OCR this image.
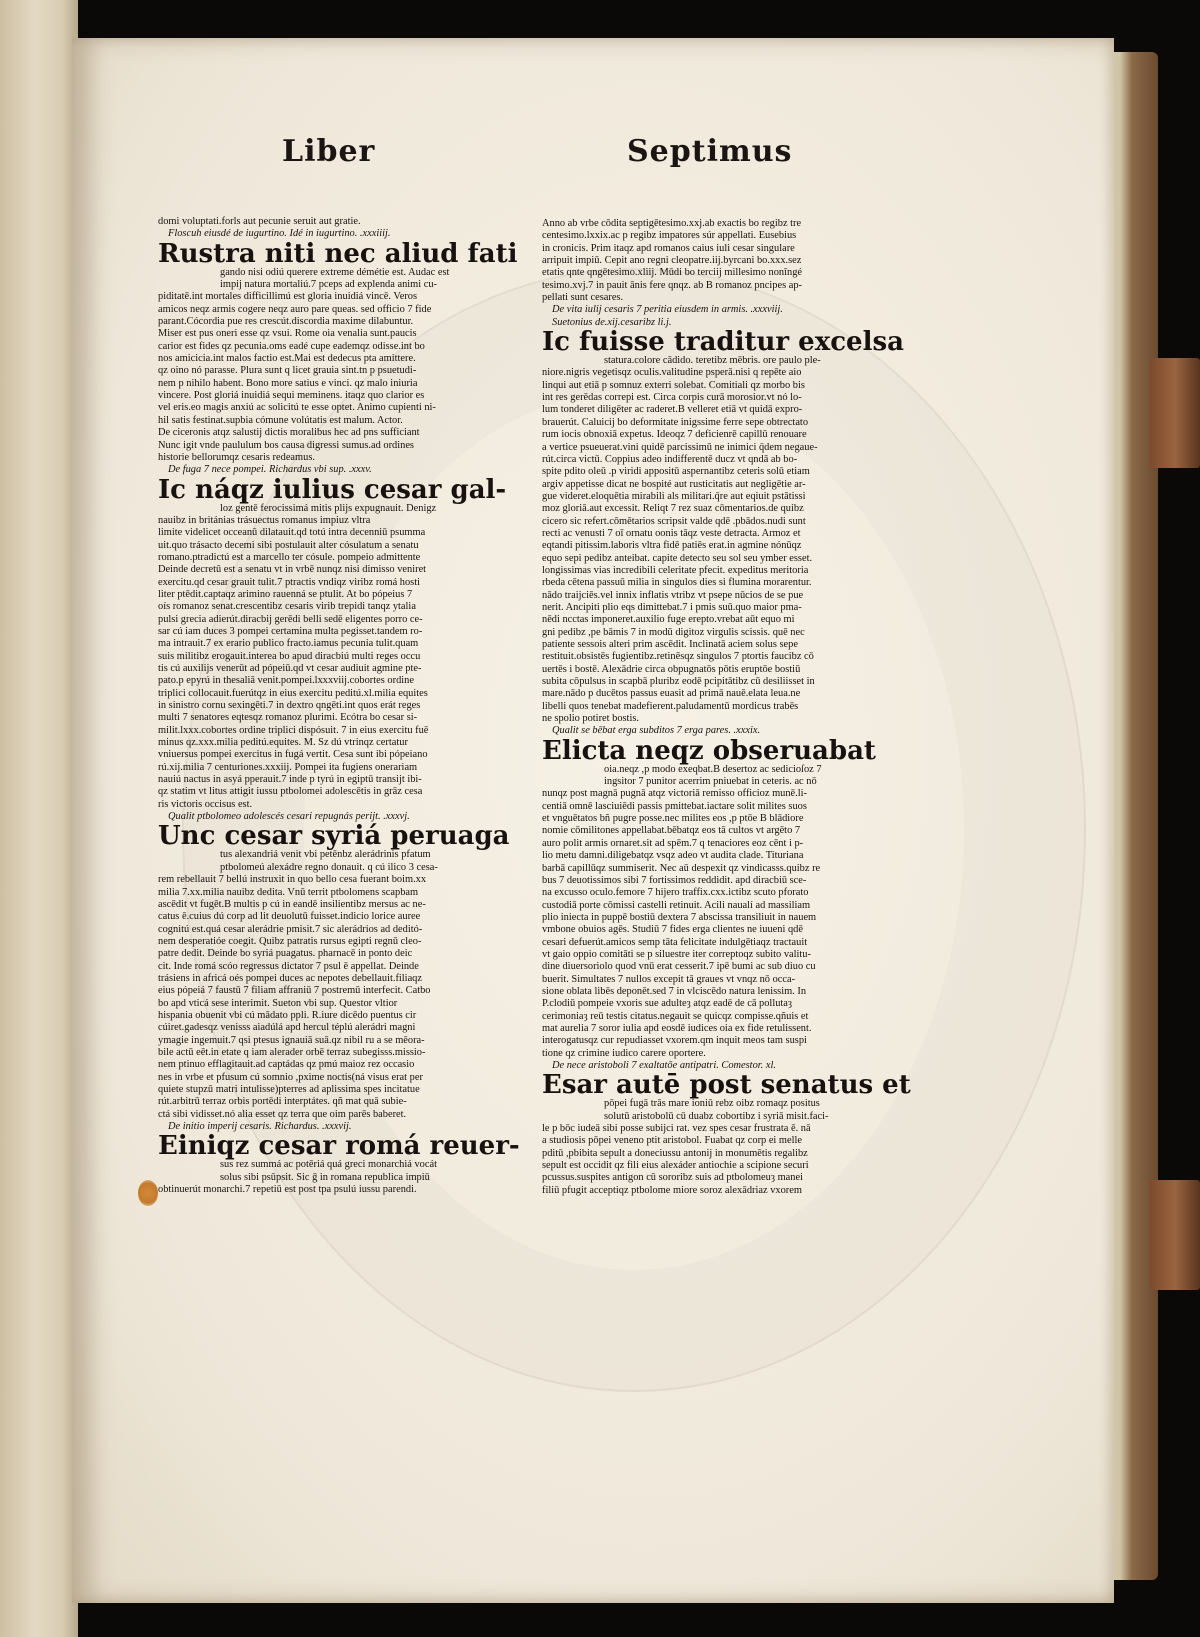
Liber	Septimus
domi voluptati.forls aut pecunie seruit aut gratie.
Floscuh eiusdé de iugurtino. Idé in iugurtino. .xxxiiij.
Rustra niti nec aliud fati
gando nisi odiú querere extreme démétie est. Audac est
impij natura mortaliú.7 pceps ad explenda animi cu-
piditatē.int mortales difficillimú est gloria inuidiá vincē. Veros
amicos neqz armis cogere neqz auro pare queas. sed officio 7 fide
parant.Cócordia pue res crescút.discordia maxime dilabuntur.
Miser est pus oneri esse qz vsui. Rome oia venalia sunt.paucis
carior est fides qz pecunia.oms eadé cupe eademqz odisse.int bo
nos amicicia.int malos factio est.Mai est dedecus pta amittere.
qz oino nó parasse. Plura sunt q licet grauia sint.tn p psuetudi-
nem p nihilo habent. Bono more satius e vinci. qz malo iniuria
vincere. Post gloriá inuidiá sequi meminens. itaqz quo clarior es
vel eris.eo magis anxiú ac solicitú te esse optet. Animo cupienti ni-
hil satis festinat.supbia cómune volútatis est malum. Actor.
De ciceronis atqz salustij dictis moralibus hec ad pns sufficiant
Nunc igit vnde paululum bos causa digressi sumus.ad ordines
historie bellorumqz cesaris redeamus.
De fuga 7 nece pompei. Richardus vbi sup. .xxxv.
Ic náqz iulius cesar gal-
loz gentē ferocissimá mitis plijs expugnauit. Denigz
nauibz in británias trásuectus romanus impiuz vltra
limite videlicet occeanū dilatauit.qd totú intra decenniū psumma
uit.quo trásacto decemi sibi postulauit alter cósulatum a senatu
romano.ptradictú est a marcello ter cósule. pompeio admittente
Deinde decretū est a senatu vt in vrbē nunqz nisi dimisso veniret
exercitu.qd cesar grauit tulit.7 ptractis vndiqz viribz romá hosti
liter ptēdit.captaqz arimino rauenná se ptulit. At bo pópeius 7
oís romanoz senat.crescentibz cesaris virib trepidi tanqz ytalia
pulsi grecia adierút.diracbij gerēdi belli sedē eligentes porro ce-
sar cú iam duces 3 pompei certamina multa pegisset.tandem ro-
ma intrauit.7 ex erario publico fracto.iamus pecunia tulit.quam
suis militibz erogauit.interea bo apud diracbiú multi reges occu
tis cú auxilijs venerūt ad pópeiū.qd vt cesar audiuit agmine pte-
pato.p epyrú in thesaliā venit.pompei.lxxxviij.cobortes ordine
triplici collocauit.fuerútqz in eius exercitu peditú.xl.milia equites
in sinistro cornu sexingēti.7 in dextro qngēti.int quos erát reges
multi 7 senatores eqtesqz romanoz plurimi. Ecótra bo cesar si-
milit.lxxx.cobortes ordine triplici dispósuit. 7 in eius exercitu fuē
minus qz.xxx.milia peditú.equites. M. Sz dú vtrinqz certatur
vniuersus pompei exercitus in fugá vertit. Cesa sunt ibi pópeiano
rú.xij.milia 7 centuriones.xxxiij. Pompei ita fugiens onerariam
nauiú nactus in asyá pperauit.7 inde p tyrú in egiptū transijt ibi-
qz statim vt litus attigit iussu ptbolomei adolescētis in grāz cesa
ris victoris occisus est.
Qualit ptbolomeo adolescés cesari repugnás perijt. .xxxvj.
Unc cesar syriá peruaga
tus alexandriá venit vbi petēnbz alerádrinis pfatum
ptbolomeú alexádre regno donauit. q cú ilico 3 cesa-
rem rebellauit 7 bellú instruxit in quo bello cesa fuerant boim.xx
milia 7.xx.milia nauibz dedita. Vnū territ ptbolomens scapbam
ascēdit vt fugēt.B multis p cú in eandē insilientibz mersus ac ne-
catus ē.cuius dú corp ad lit deuolutū fuisset.indicio lorice auree
cognitú est.quá cesar alerádrie pmisit.7 sic alerádrios ad deditó-
nem desperatióe coegit. Quibz patratis rursus egipti regnū cleo-
patre dedit. Deinde bo syriá puagatus. pharnacē in ponto deic
cit. Inde romá scóo regressus dictator 7 psul ē appellat. Deinde
trásiens in africá oés pompei duces ac nepotes debellauit.filiaqz
eius pópeiá 7 faustū 7 filiam affraniū 7 postremū interfecit. Catbo
bo apd vticá sese interimit. Sueton vbi sup. Questor vltior
hispania obuenit vbi cú mādato ppli. R.iure dicēdo puentus cir
cúiret.gadesqz venisss aiadúlá apd hercul téplú alerádri magni
ymagie ingemuit.7 qsi ptesus ignauiā suā.qz nibil ru a se mēora-
bile actū eēt.in etate q iam alerader orbē terraz subegisss.missio-
nem ptinuo efflagitauit.ad captádas qz pmú maioz rez occasio
nes in vrbe et pfusum cú somnio ,pxime noctis(ná visus erat per
quiete stupzū matri intulisse)pterres ad aplissima spes incitatue
rút.arbitrū terraz orbis portēdi interptátes. qñ mat quā subie-
ctá sibi vidisset.nó alia esset qz terra que oim parēs baberet.
De initio imperij cesaris. Richardus. .xxxvij.
Einiqz cesar romá reuer-
sus rez summá ac potēriá quá greci monarchiá vocát
solus sibi psūpsit. Sic ḡ in romana republica impiū
obtinuerút monarchi.7 repetiū est post tpa psulú iussu parendi.
Anno ab vrbe cōdita septigētesimo.xxj.ab exactis bo regibz tre
centesimo.lxxix.ac p regibz impatores súr appellati. Eusebius
in cronicis. Prim itaqz apd romanos caius iuli cesar singulare
arripuit impiū. Cepit ano regni cleopatre.iij.byrcani bo.xxx.sez
etatis qnte qngētesimo.xliij. Mūdi bo terciij millesimo nonīngé
tesimo.xvj.7 in pauit ānis fere qnqz. ab B romanoz pncipes ap-
pellati sunt cesares.
De vita iulij cesaris 7 peritia eiusdem in armis. .xxxviij.
Suetonius de.xij.cesaribz li.j.
Ic fuisse traditur excelsa
statura.colore cādido. teretibz mēbris. ore paulo ple-
niore.nigris vegetisqz oculis.valitudine psperā.nisi q repēte aio
linqui aut etiā p somnuz exterri solebat. Comitiali qz morbo bis
int res gerēdas correpi est. Circa corpis curā morosior.vt nó lo-
lum tonderet diligēter ac raderet.B velleret etiā vt quidā expro-
brauerút. Caluicij bo deformitate inigssime ferre sepe obtrectato
rum iocis obnoxiā expetus. Ideoqz 7 deficienrē capillū renouare
a vertice psueuerat.vini quidē parcissimū ne inimici q̄dem negaue-
rút.circa victū. Coppius adeo indifferentē ducz vt qndā ab bo-
spite pdito oleū .p viridi appositū aspernantibz ceteris solū etiam
argiv appetisse dicat ne bospité aut rusticitatis aut negligētie ar-
gue videret.eloquētia mirabili als militari.q̄re aut eqiuit pstātissi
moz gloriā.aut excessit. Reliqt 7 rez suaz cōmentarios.de quibz
cicero sic refert.cōmētarios scripsit valde qdē .pbādos.nudi sunt
recti ac venusti 7 oī ornatu oonis tāqz veste detracta. Armoz et
eqtandi pitissim.laboris vltra fidē patiēs erat.in agmine nónūqz
equo sepi pedibz anteibat. capite detecto seu sol seu ymber esset.
longissimas vias incredibili celeritate pfecit. expeditus meritoria
rbeda cētena passuū milia in singulos dies si flumina morarentur.
nādo traijciēs.vel innix inflatis vtribz vt psepe nūcios de se pue
nerit. Ancipiti plio eqs dimittebat.7 i pmis suū.quo maior pma-
nēdi ncctas imponeret.auxilio fuge erepto.vrebat aūt equo mi
gni pedibz ,pe bāmis 7 in modū digitoz virgulis scissis. quē nec
patiente sessois alteri prim ascēdit. Inclinatā aciem solus sepe
restituit.obsistēs fugientibz.retinēsqz singulos 7 ptortis faucibz cō
uertēs i bostē. Alexādrie circa obpugnatōs pōtis eruptōe bostiū
subita cōpulsus in scapbā pluribz eodē pcipitātibz cū desiliisset in
mare.nādo p ducētos passus euasit ad primā nauē.elata leua.ne
libelli quos tenebat madefierent.paludamentū mordicus trabēs
ne spolio potiret bostis.
Qualit se bēbat erga subditos 7 erga pares. .xxxix.
Elicta neqz obseruabat
oia.neqz ,p modo exeqbat.B desertoz ac sedicioſoz 7
ingsitor 7 punitor acerrim pniuebat in ceteris. ac nō
nunqz post magnā pugnā atqz victoriā remisso officioz munē.li-
centiā omnē lasciuiēdi passis pmittebat.iactare solit milites suos
et vnguētatos bñ pugre posse.nec milites eos ,p ptōe B blādiore
nomie cōmilitones appellabat.bēbatqz eos tā cultos vt argēto 7
auro polit armis ornaret.sit ad spēm.7 q tenaciores eoz cēnt i p-
lio metu damni.diligebatqz vsqz adeo vt audita clade. Tituriana
barbā capillūqz summiserit. Nec aū despexit qz vindicasss.quibz re
bus 7 deuotissimos sibi 7 fortissimos reddidit. apd diracbiū sce-
na excusso oculo.femore 7 hijero traffix.cxx.ictibz scuto pforato
custodiā porte cōmissi castelli retinuit. Acili naualí ad massiliam
plio iniecta in puppē bostiū dextera 7 abscissa transiliuit in nauem
vmbone obuios agēs. Studiū 7 fides erga clientes ne iuueni qdē
cesari defuerút.amicos semp tāta felicitate indulgētiaqz tractauit
vt gaio oppio comitāti se p siluestre iter correptoqz subito valitu-
dine diuersoriolo quod vnū erat cesserit.7 ipē bumi ac sub diuo cu
buerit. Simultates 7 nullos excepit tā graues vt vnqz nō occa-
sione oblata libēs deponēt.sed 7 in vlciscēdo natura lenissim. In
P.clodiū pompeie vxoris sue adulteȝ atqz eadē de cā pollutaȝ
cerimoniaȝ reū testis citatus.negauit se quicqz compisse.qñuis et
mat aurelia 7 soror iulia apd eosdē iudices oia ex fide retulissent.
interogatusqz cur repudiasset vxorem.qm inquit meos tam suspi
tione qz crimine iudico carere oportere.
De nece aristoboli 7 exaltatōe antipatri. Comestor. xl.
Esar autē post senatus et
pōpei fugā trās mare ioniū rebz oibz romaqz positus
solutū aristobolū cū duabz cobortibz i syriā misit.faci-
le p bōc iudeā sibi posse subijci rat. vez spes cesar frustrata ē. nā
a studiosis pōpei veneno ptit aristobol. Fuabat qz corp ei melle
pditū ,pbibita sepult a doneciussu antonij in monumētis regalibz
sepult est occidit qz fili eius alexáder antiochie a scipione securi
pcussus.suspites antigon cū sororibz suis ad ptbolomeuȝ manei
filiū pfugit acceptiqz ptbolome miore soroz alexādriaz vxorem
